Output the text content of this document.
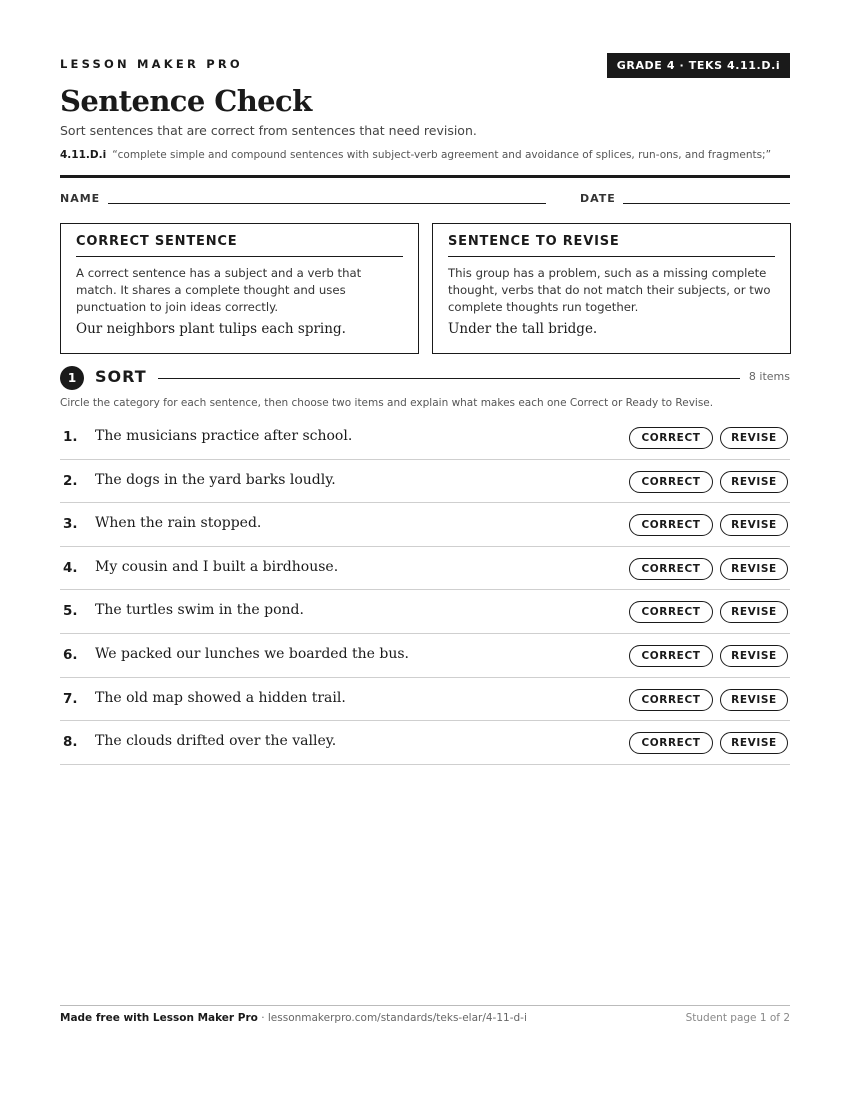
LESSON MAKER PRO	GRADE 4 · TEKS 4.11.D.i
Sentence Check
Sort sentences that are correct from sentences that need revision.
4.11.D.i “complete simple and compound sentences with subject-verb agreement and avoidance of splices, run-ons, and fragments;”
NAME	DATE
CORRECT SENTENCE
A correct sentence has a subject and a verb that match. It shares a complete thought and uses punctuation to join ideas correctly.
Our neighbors plant tulips each spring.
SENTENCE TO REVISE
This group has a problem, such as a missing complete thought, verbs that do not match their subjects, or two complete thoughts run together.
Under the tall bridge.
1	SORT	8 items
Circle the category for each sentence, then choose two items and explain what makes each one Correct or Ready to Revise.
1. The musicians practice after school.	CORRECT	REVISE
2. The dogs in the yard barks loudly.	CORRECT	REVISE
3. When the rain stopped.	CORRECT	REVISE
4. My cousin and I built a birdhouse.	CORRECT	REVISE
5. The turtles swim in the pond.	CORRECT	REVISE
6. We packed our lunches we boarded the bus.	CORRECT	REVISE
7. The old map showed a hidden trail.	CORRECT	REVISE
8. The clouds drifted over the valley.	CORRECT	REVISE
Made free with Lesson Maker Pro · lessonmakerpro.com/standards/teks-elar/4-11-d-i	Student page 1 of 2
